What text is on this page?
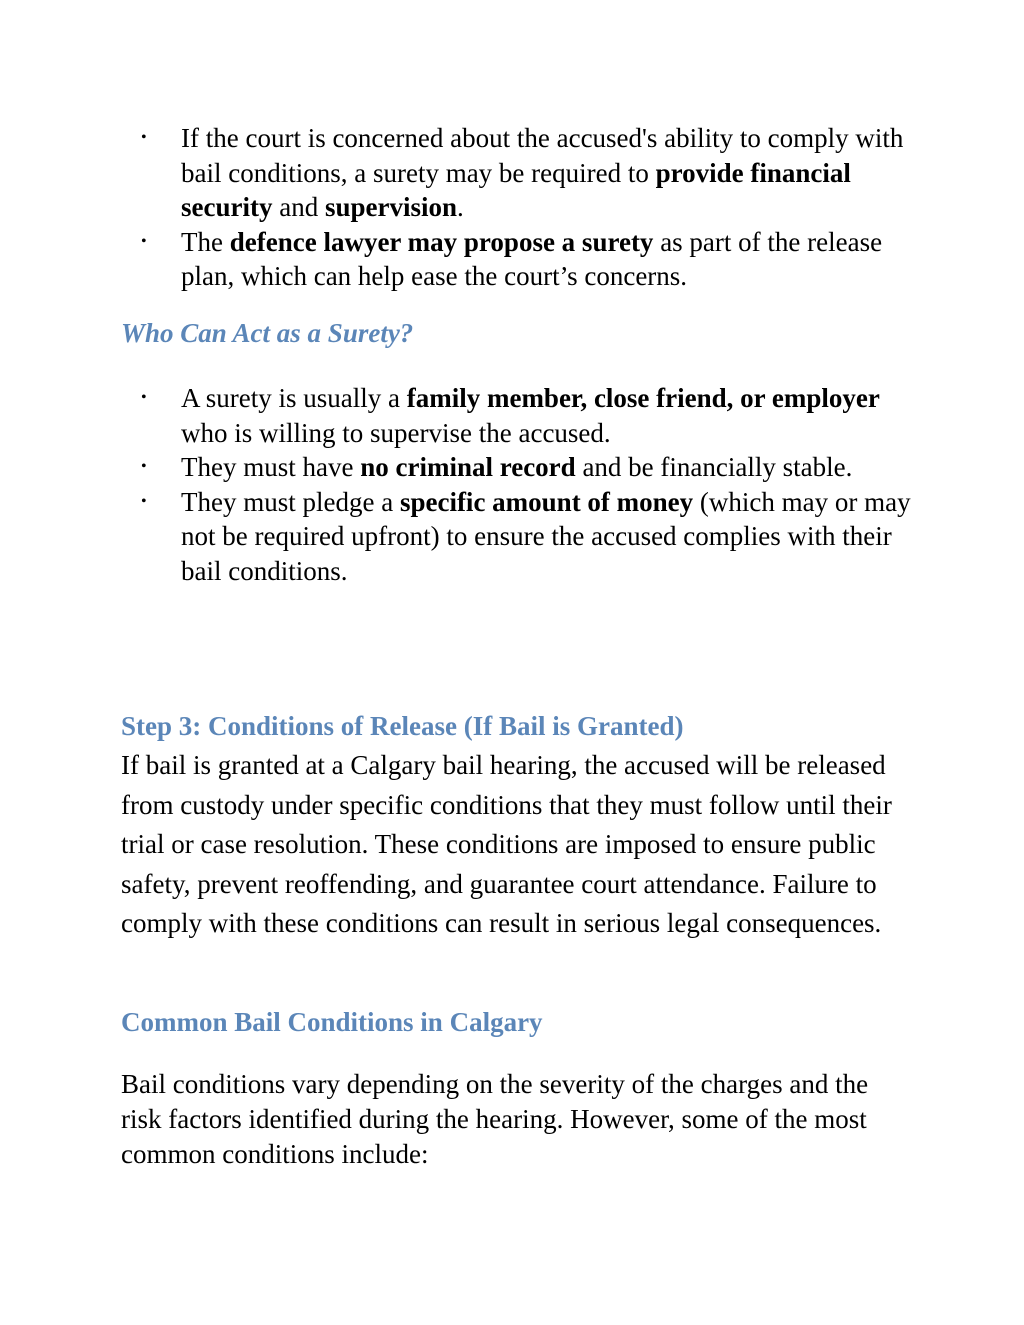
• If the court is concerned about the accused's ability to comply with bail conditions, a surety may be required to provide financial security and supervision.
• The defence lawyer may propose a surety as part of the release plan, which can help ease the court’s concerns.
Who Can Act as a Surety?
• A surety is usually a family member, close friend, or employer who is willing to supervise the accused.
• They must have no criminal record and be financially stable.
• They must pledge a specific amount of money (which may or may not be required upfront) to ensure the accused complies with their bail conditions.
Step 3: Conditions of Release (If Bail is Granted)

If bail is granted at a Calgary bail hearing, the accused will be released from custody under specific conditions that they must follow until their trial or case resolution. These conditions are imposed to ensure public safety, prevent reoffending, and guarantee court attendance. Failure to comply with these conditions can result in serious legal consequences.

Common Bail Conditions in Calgary

Bail conditions vary depending on the severity of the charges and the risk factors identified during the hearing. However, some of the most common conditions include:
